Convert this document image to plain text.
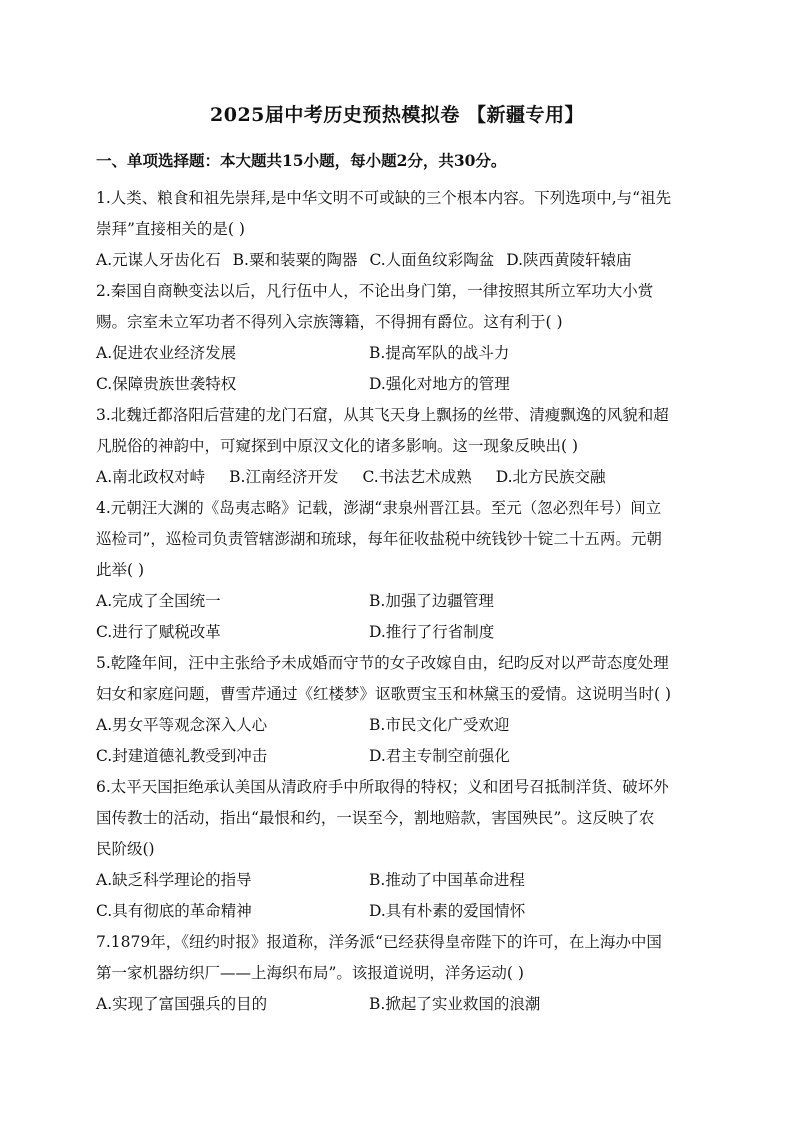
2025届中考历史预热模拟卷 【新疆专用】
一、单项选择题：本大题共15小题，每小题2分，共30分。
1.人类、粮食和祖先崇拜,是中华文明不可或缺的三个根本内容。下列选项中,与“祖先
崇拜”直接相关的是( )
A.元谋人牙齿化石 B.粟和装粟的陶器 C.人面鱼纹彩陶盆 D.陕西黄陵轩辕庙
2.秦国自商鞅变法以后，凡行伍中人，不论出身门第，一律按照其所立军功大小赏
赐。宗室未立军功者不得列入宗族簿籍，不得拥有爵位。这有利于( )
A.促进农业经济发展	B.提高军队的战斗力
C.保障贵族世袭特权	D.强化对地方的管理
3.北魏迁都洛阳后营建的龙门石窟，从其飞天身上飘扬的丝带、清瘦飘逸的风貌和超
凡脱俗的神韵中，可窥探到中原汉文化的诸多影响。这一现象反映出( )
A.南北政权对峙 B.江南经济开发 C.书法艺术成熟 D.北方民族交融
4.元朝汪大渊的《岛夷志略》记载，澎湖“隶泉州晋江县。至元（忽必烈年号）间立
巡检司”，巡检司负责管辖澎湖和琉球，每年征收盐税中统钱钞十锭二十五两。元朝
此举( )
A.完成了全国统一	B.加强了边疆管理
C.进行了赋税改革	D.推行了行省制度
5.乾隆年间，汪中主张给予未成婚而守节的女子改嫁自由，纪昀反对以严苛态度处理
妇女和家庭问题，曹雪芹通过《红楼梦》讴歌贾宝玉和林黛玉的爱情。这说明当时( )
A.男女平等观念深入人心	B.市民文化广受欢迎
C.封建道德礼教受到冲击	D.君主专制空前强化
6.太平天国拒绝承认美国从清政府手中所取得的特权；义和团号召抵制洋货、破坏外
国传教士的活动，指出“最恨和约，一误至今，割地赔款，害国殃民”。这反映了农
民阶级()
A.缺乏科学理论的指导	B.推动了中国革命进程
C.具有彻底的革命精神	D.具有朴素的爱国情怀
7.1879年，《纽约时报》报道称，洋务派“已经获得皇帝陛下的许可，在上海办中国
第一家机器纺织厂——上海织布局”。该报道说明，洋务运动( )
A.实现了富国强兵的目的	B.掀起了实业救国的浪潮
